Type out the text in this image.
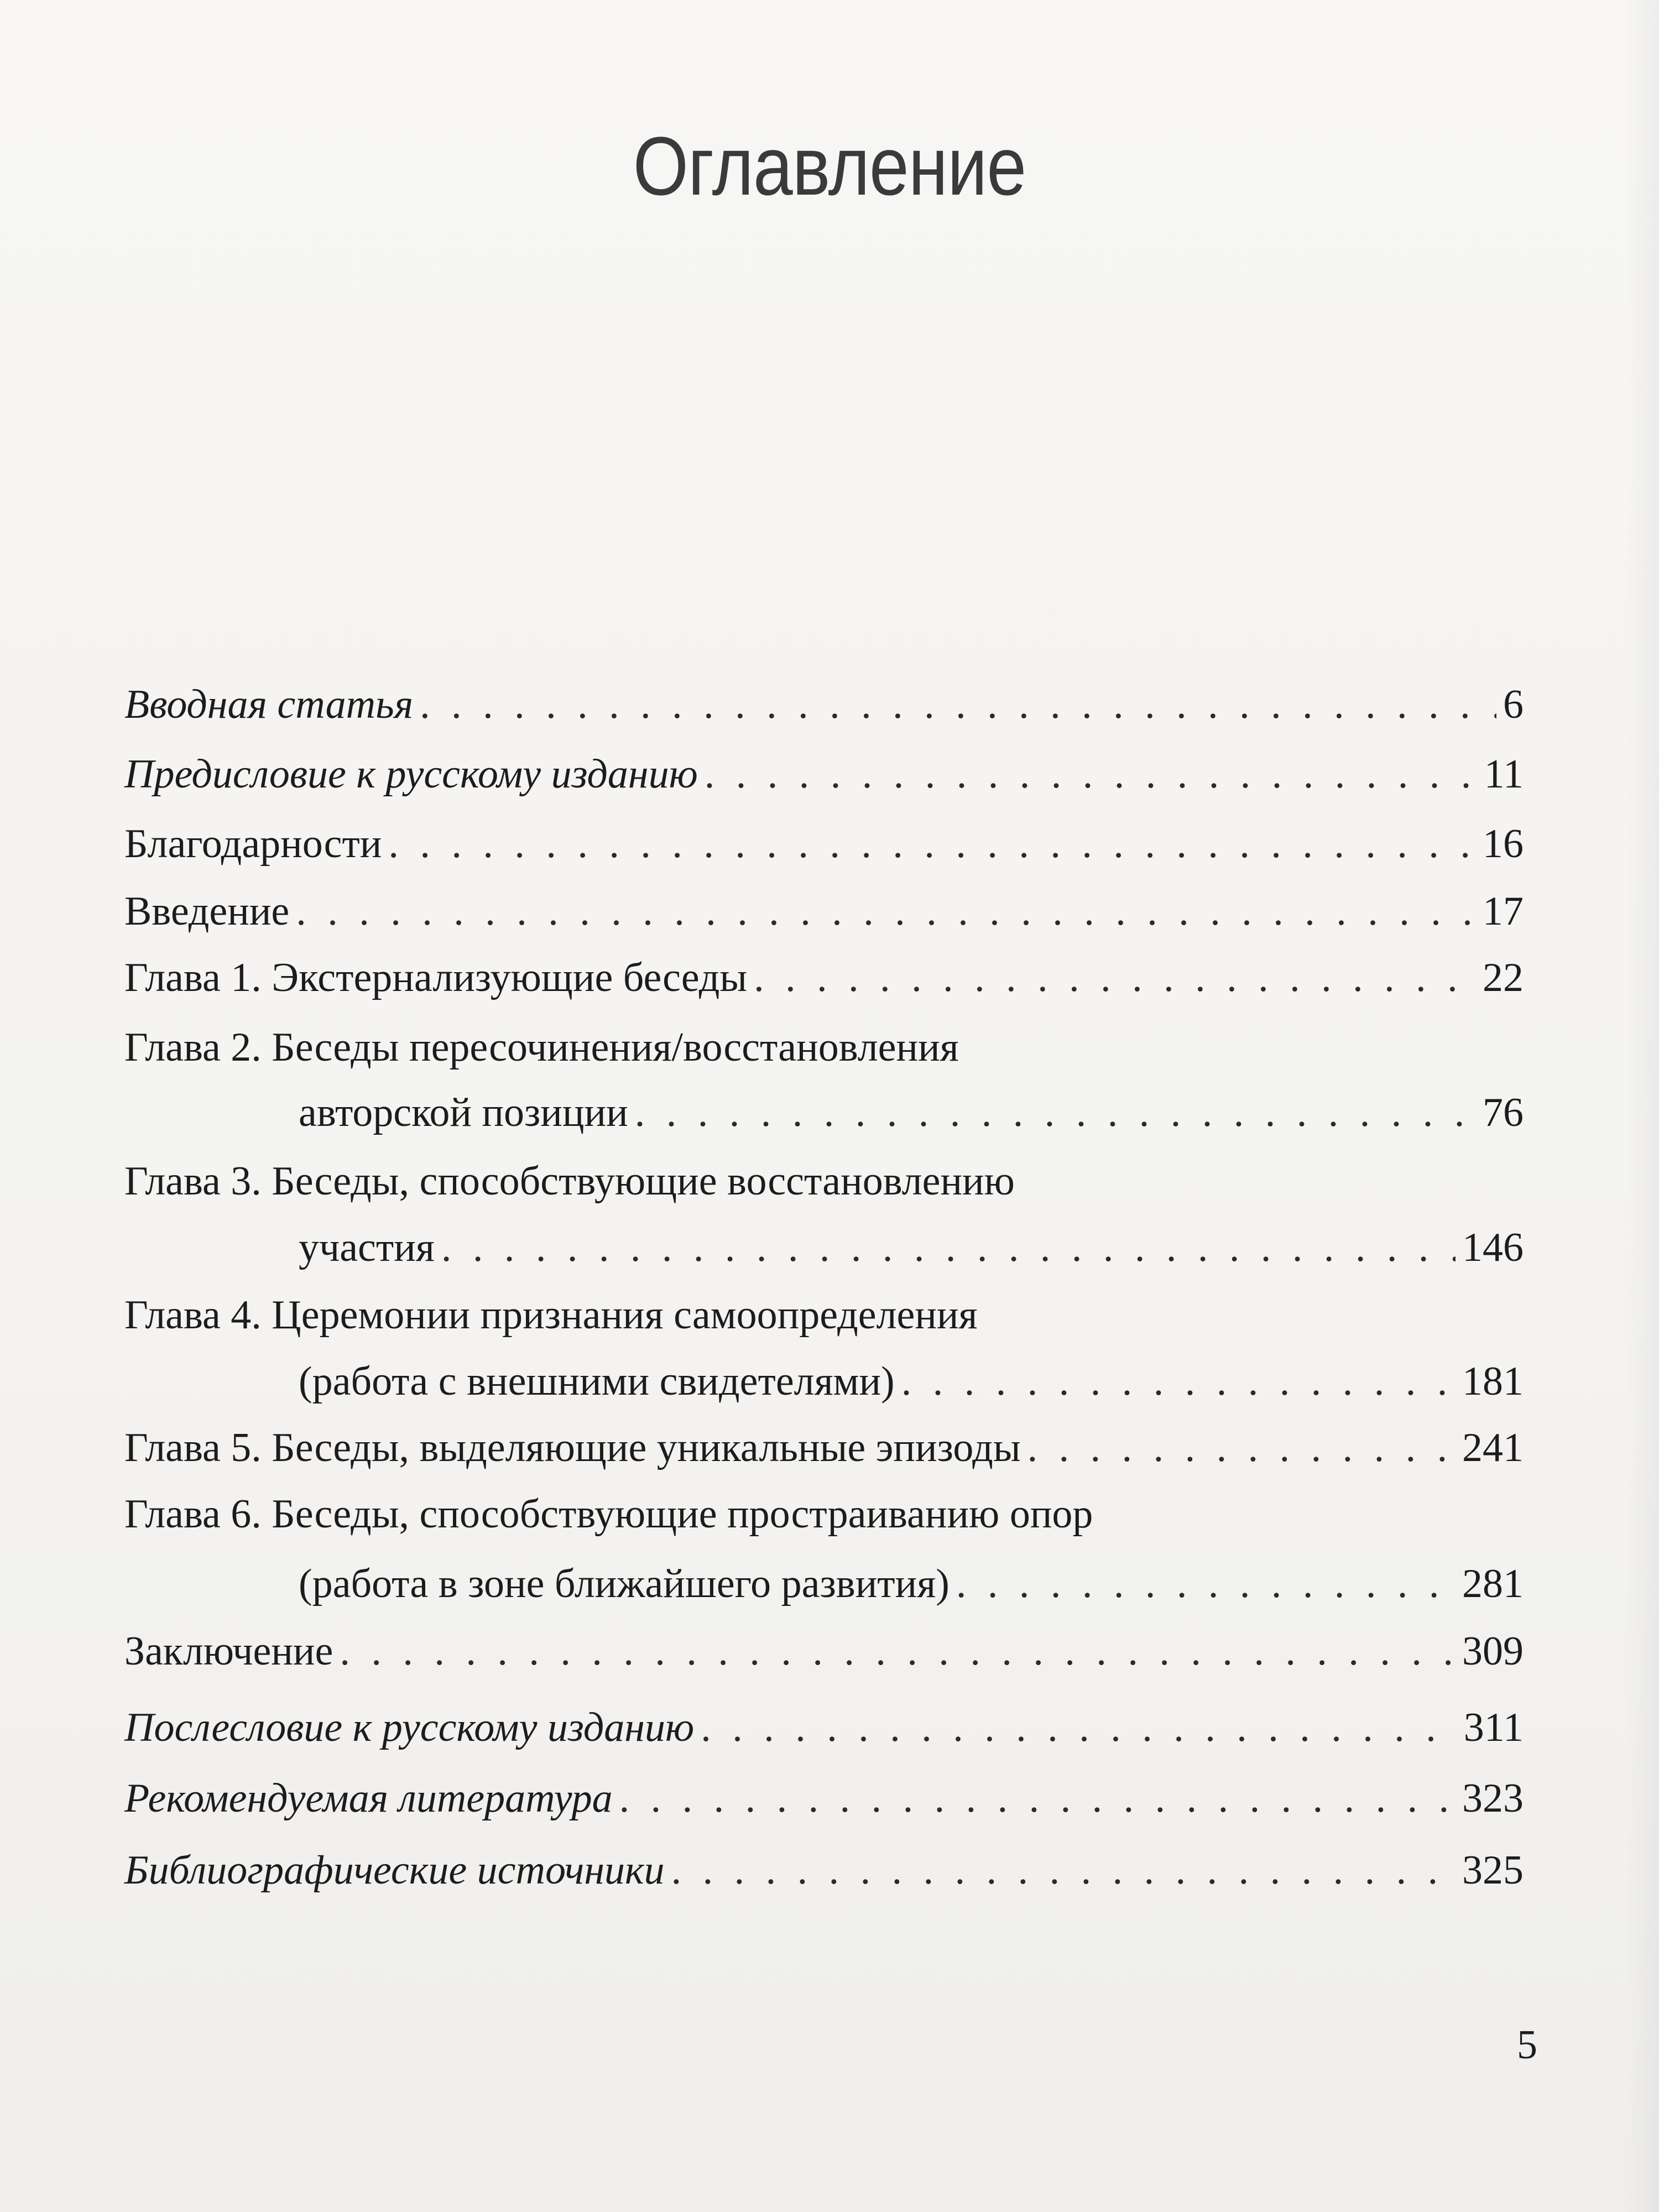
Оглавление
Вводная статья . . .	6
Предисловие к русскому изданию . . .	11
Благодарности . . .	16
Введение . . .	17
Глава 1. Экстернализующие беседы . . .	22
Глава 2. Беседы пересочинения/восстановления
авторской позиции . . .	76
Глава 3. Беседы, способствующие восстановлению
участия . . .	146
Глава 4. Церемонии признания самоопределения
(работа с внешними свидетелями) . . .	181
Глава 5. Беседы, выделяющие уникальные эпизоды . . .	241
Глава 6. Беседы, способствующие простраиванию опор
(работа в зоне ближайшего развития) . . .	281
Заключение . . .	309
Послесловие к русскому изданию . . .	311
Рекомендуемая литература . . .	323
Библиографические источники . . .	325
5
